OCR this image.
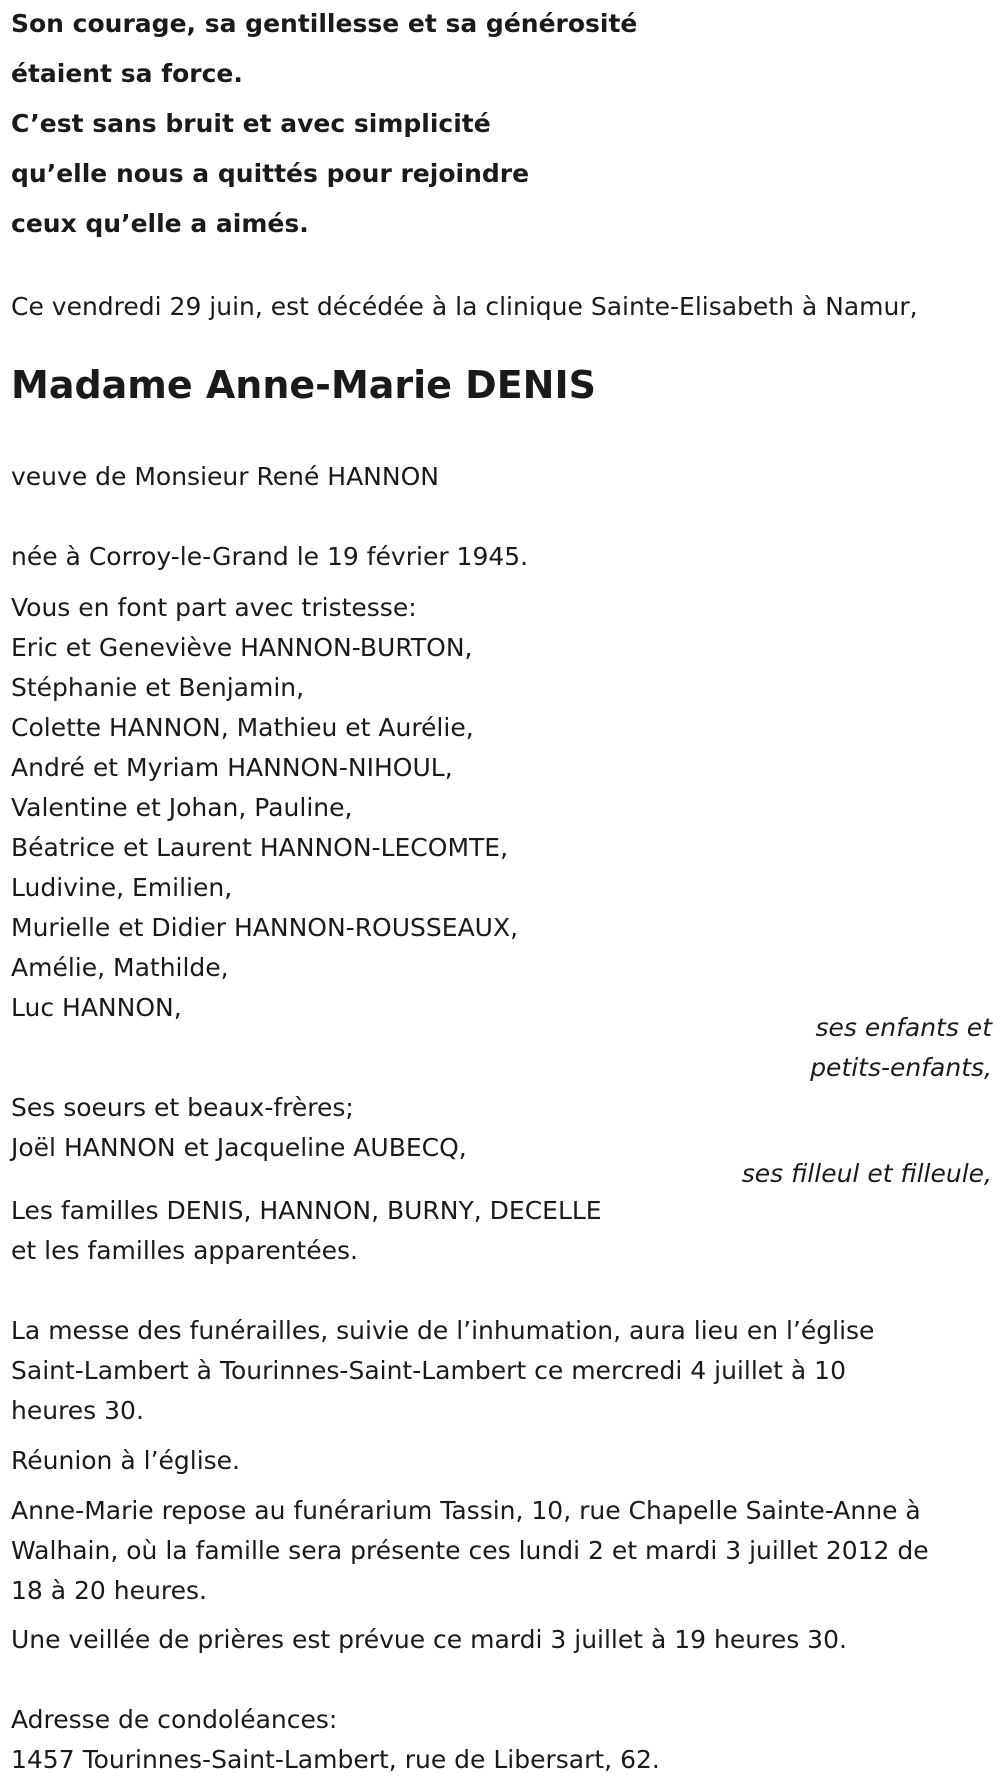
Son courage, sa gentillesse et sa générosité
étaient sa force.
C’est sans bruit et avec simplicité
qu’elle nous a quittés pour rejoindre
ceux qu’elle a aimés.
Ce vendredi 29 juin, est décédée à la clinique Sainte-Elisabeth à Namur,
Madame Anne-Marie DENIS
veuve de Monsieur René HANNON
née à Corroy-le-Grand le 19 février 1945.
Vous en font part avec tristesse:
Eric et Geneviève HANNON-BURTON,
Stéphanie et Benjamin,
Colette HANNON, Mathieu et Aurélie,
André et Myriam HANNON-NIHOUL,
Valentine et Johan, Pauline,
Béatrice et Laurent HANNON-LECOMTE,
Ludivine, Emilien,
Murielle et Didier HANNON-ROUSSEAUX,
Amélie, Mathilde,
Luc HANNON,
ses enfants et
petits-enfants,
Ses soeurs et beaux-frères;
Joël HANNON et Jacqueline AUBECQ,
ses filleul et filleule,
Les familles DENIS, HANNON, BURNY, DECELLE
et les familles apparentées.
La messe des funérailles, suivie de l’inhumation, aura lieu en l’église
Saint-Lambert à Tourinnes-Saint-Lambert ce mercredi 4 juillet à 10
heures 30.
Réunion à l’église.
Anne-Marie repose au funérarium Tassin, 10, rue Chapelle Sainte-Anne à
Walhain, où la famille sera présente ces lundi 2 et mardi 3 juillet 2012 de
18 à 20 heures.
Une veillée de prières est prévue ce mardi 3 juillet à 19 heures 30.
Adresse de condoléances:
1457 Tourinnes-Saint-Lambert, rue de Libersart, 62.
